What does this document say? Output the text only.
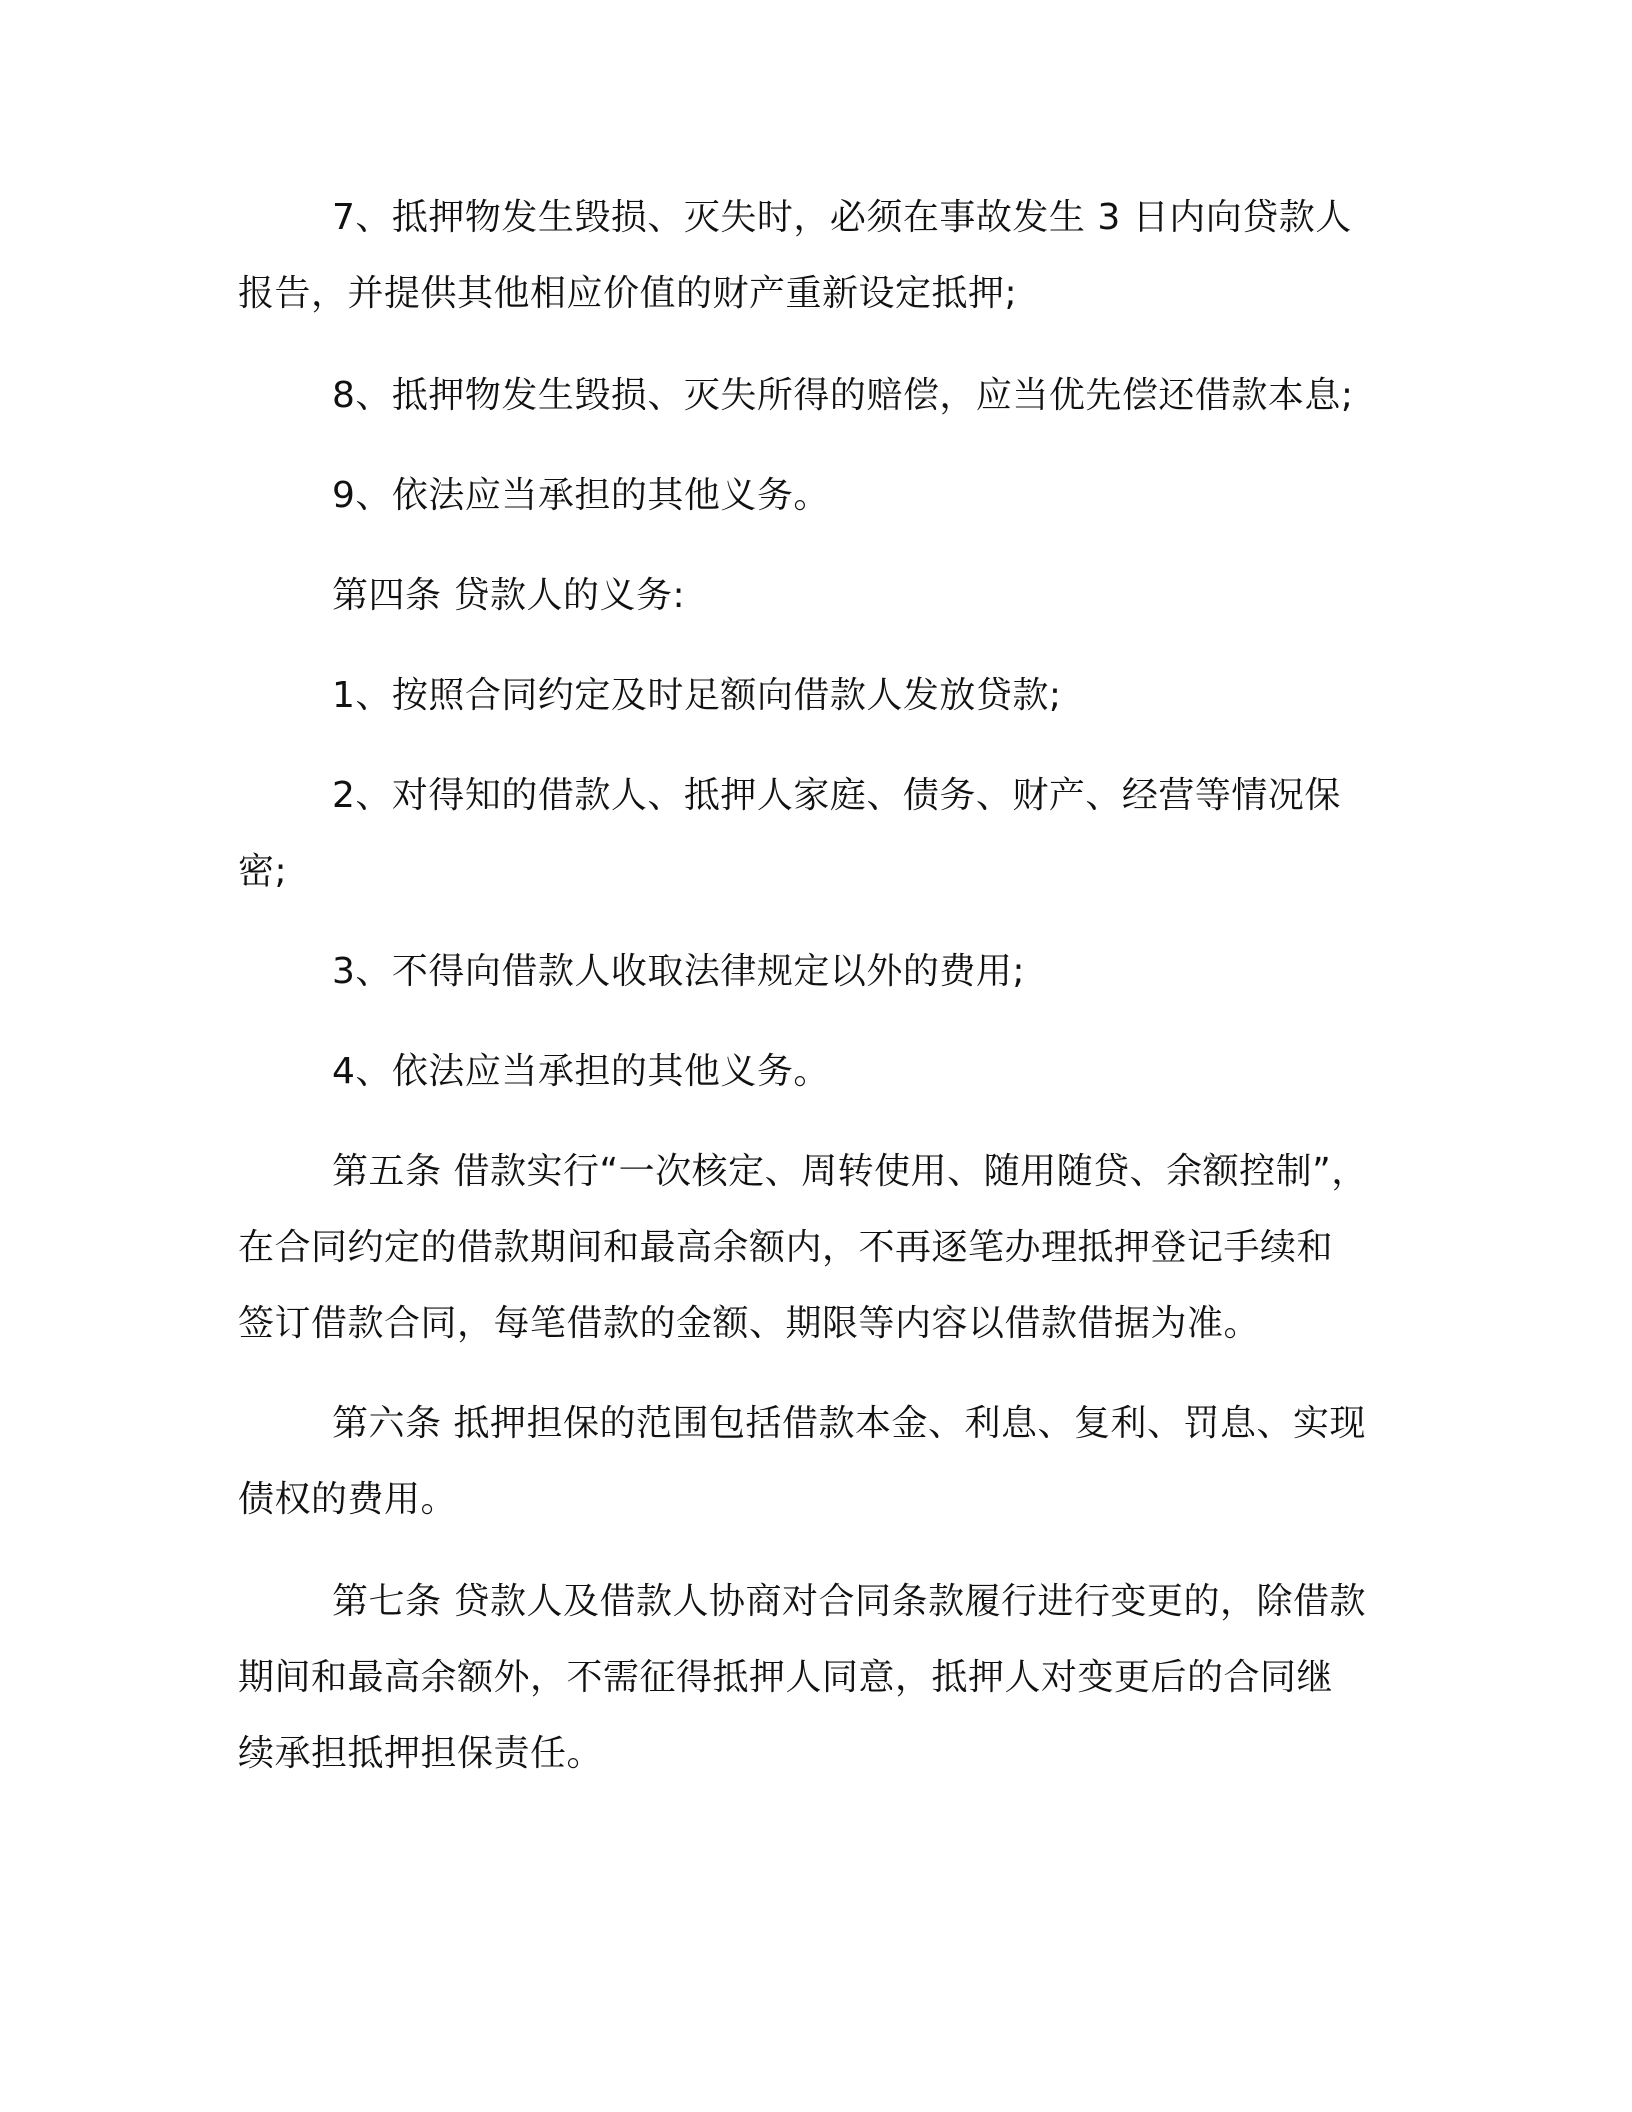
7、抵押物发生毁损、灭失时，必须在事故发生 3 日内向贷款人

报告，并提供其他相应价值的财产重新设定抵押;

8、抵押物发生毁损、灭失所得的赔偿，应当优先偿还借款本息;

9、依法应当承担的其他义务。

第四条 贷款人的义务:

1、按照合同约定及时足额向借款人发放贷款;

2、对得知的借款人、抵押人家庭、债务、财产、经营等情况保

密;

3、不得向借款人收取法律规定以外的费用;

4、依法应当承担的其他义务。

第五条 借款实行“一次核定、周转使用、随用随贷、余额控制”，

在合同约定的借款期间和最高余额内，不再逐笔办理抵押登记手续和

签订借款合同，每笔借款的金额、期限等内容以借款借据为准。

第六条 抵押担保的范围包括借款本金、利息、复利、罚息、实现

债权的费用。

第七条 贷款人及借款人协商对合同条款履行进行变更的，除借款

期间和最高余额外，不需征得抵押人同意，抵押人对变更后的合同继

续承担抵押担保责任。
